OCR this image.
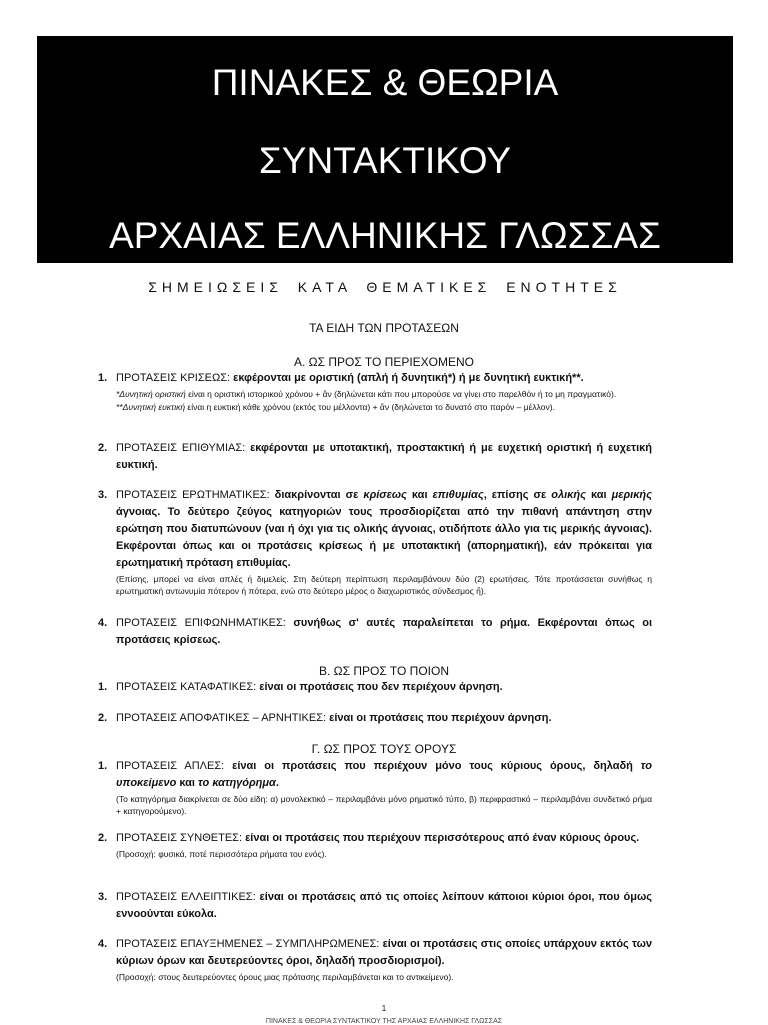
ΠΙΝΑΚΕΣ & ΘΕΩΡΙΑ
ΣΥΝΤΑΚΤΙΚΟΥ
ΑΡΧΑΙΑΣ ΕΛΛΗΝΙΚΗΣ ΓΛΩΣΣΑΣ
ΣΗΜΕΙΩΣΕΙΣ ΚΑΤΑ ΘΕΜΑΤΙΚΕΣ ΕΝΟΤΗΤΕΣ
ΤΑ ΕΙΔΗ ΤΩΝ ΠΡΟΤΑΣΕΩΝ
Α. ΩΣ ΠΡΟΣ ΤΟ ΠΕΡΙΕΧΟΜΕΝΟ
1. ΠΡΟΤΑΣΕΙΣ ΚΡΙΣΕΩΣ: εκφέρονται με οριστική (απλή ή δυνητική*) ή με δυνητική ευκτική**.
*Δυνητική οριστική είναι η οριστική ιστορικού χρόνου + ἄν (δηλώνεται κάτι που μπορούσε να γίνει στο παρελθόν ή το μη πραγματικό).
**Δυνητική ευκτική είναι η ευκτική κάθε χρόνου (εκτός του μέλλοντα) + ἄν (δηλώνεται το δυνατό στο παρόν – μέλλον).
2. ΠΡΟΤΑΣΕΙΣ ΕΠΙΘΥΜΙΑΣ: εκφέρονται με υποτακτική, προστακτική ή με ευχετική οριστική ή ευχετική ευκτική.
3. ΠΡΟΤΑΣΕΙΣ ΕΡΩΤΗΜΑΤΙΚΕΣ: διακρίνονται σε κρίσεως και επιθυμίας, επίσης σε ολικής και μερικής άγνοιας. Το δεύτερο ζεύγος κατηγοριών τους προσδιορίζεται από την πιθανή απάντηση στην ερώτηση που διατυπώνουν (ναι ή όχι για τις ολικής άγνοιας, οτιδήποτε άλλο για τις μερικής άγνοιας). Εκφέρονται όπως και οι προτάσεις κρίσεως ή με υποτακτική (απορηματική), εάν πρόκειται για ερωτηματική πρόταση επιθυμίας.
(Επίσης, μπορεί να είναι απλές ή διμελείς. Στη δεύτερη περίπτωση περιλαμβάνουν δύο (2) ερωτήσεις. Τότε προτάσσεται συνήθως η ερωτηματική αντωνυμία πότερον ή πότερα, ενώ στο δεύτερο μέρος ο διαχωριστικός σύνδεσμος ἤ).
4. ΠΡΟΤΑΣΕΙΣ ΕΠΙΦΩΝΗΜΑΤΙΚΕΣ: συνήθως σ' αυτές παραλείπεται το ρήμα. Εκφέρονται όπως οι προτάσεις κρίσεως.
Β. ΩΣ ΠΡΟΣ ΤΟ ΠΟΙΟΝ
1. ΠΡΟΤΑΣΕΙΣ ΚΑΤΑΦΑΤΙΚΕΣ: είναι οι προτάσεις που δεν περιέχουν άρνηση.
2. ΠΡΟΤΑΣΕΙΣ ΑΠΟΦΑΤΙΚΕΣ – ΑΡΝΗΤΙΚΕΣ: είναι οι προτάσεις που περιέχουν άρνηση.
Γ. ΩΣ ΠΡΟΣ ΤΟΥΣ ΟΡΟΥΣ
1. ΠΡΟΤΑΣΕΙΣ ΑΠΛΕΣ: είναι οι προτάσεις που περιέχουν μόνο τους κύριους όρους, δηλαδή το υποκείμενο και το κατηγόρημα.
(Το κατηγόρημα διακρίνεται σε δύο είδη: α) μονολεκτικό – περιλαμβάνει μόνο ρηματικό τύπο, β) περιφραστικό – περιλαμβάνει συνδετικό ρήμα + κατηγορούμενο).
2. ΠΡΟΤΑΣΕΙΣ ΣΥΝΘΕΤΕΣ: είναι οι προτάσεις που περιέχουν περισσότερους από έναν κύριους όρους.
(Προσοχή: φυσικά, ποτέ περισσότερα ρήματα του ενός).
3. ΠΡΟΤΑΣΕΙΣ ΕΛΛΕΙΠΤΙΚΕΣ: είναι οι προτάσεις από τις οποίες λείπουν κάποιοι κύριοι όροι, που όμως εννοούνται εύκολα.
4. ΠΡΟΤΑΣΕΙΣ ΕΠΑΥΞΗΜΕΝΕΣ – ΣΥΜΠΛΗΡΩΜΕΝΕΣ: είναι οι προτάσεις στις οποίες υπάρχουν εκτός των κύριων όρων και δευτερεύοντες όροι, δηλαδή προσδιορισμοί).
(Προσοχή: στους δευτερεύοντες όρους μιας πρότασης περιλαμβάνεται και το αντικείμενο).
1
ΠΙΝΑΚΕΣ & ΘΕΩΡΙΑ ΣΥΝΤΑΚΤΙΚΟΥ ΤΗΣ ΑΡΧΑΙΑΣ ΕΛΛΗΝΙΚΗΣ ΓΛΩΣΣΑΣ
